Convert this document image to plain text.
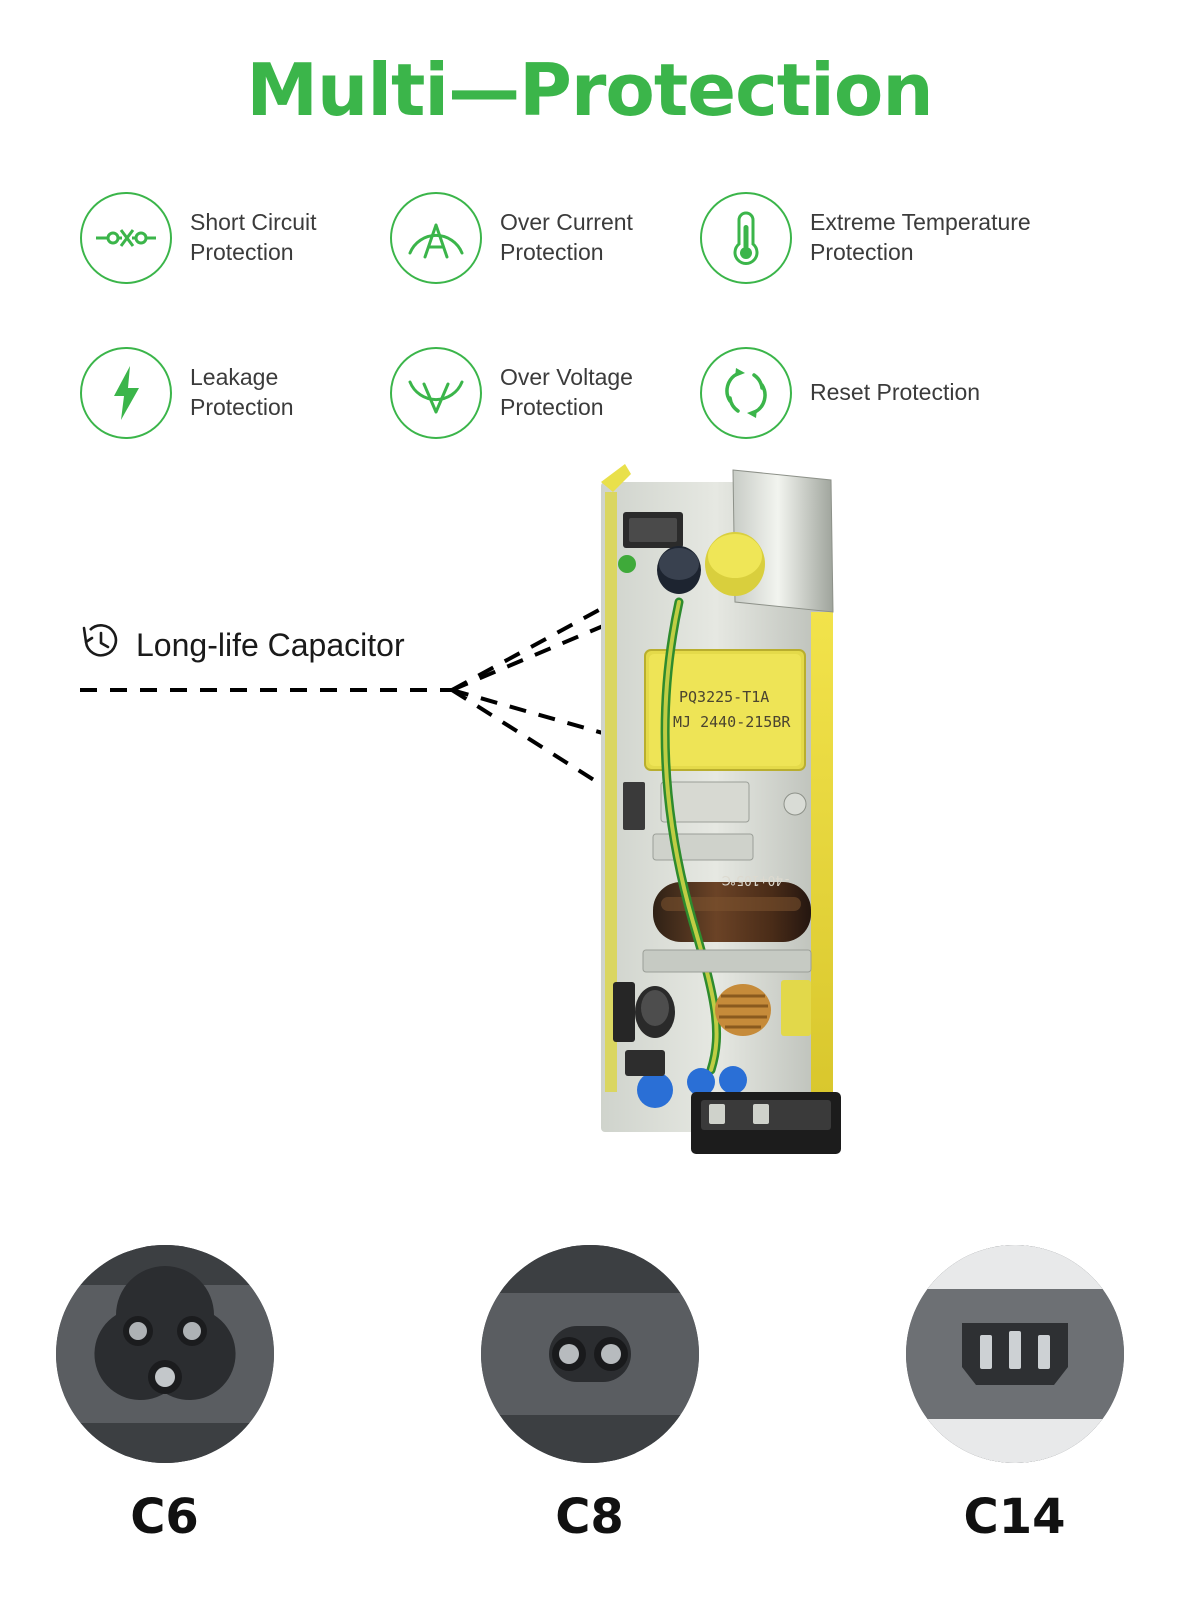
Multi—Protection
Short Circuit
Protection
Over Current
Protection
Extreme Temperature
Protection
Leakage
Protection
Over Voltage
Protection
Reset Protection
Long-life Capacitor
PQ3225-T1A
MJ 2440-215BR
-40+105℃
C6	C8	C14
